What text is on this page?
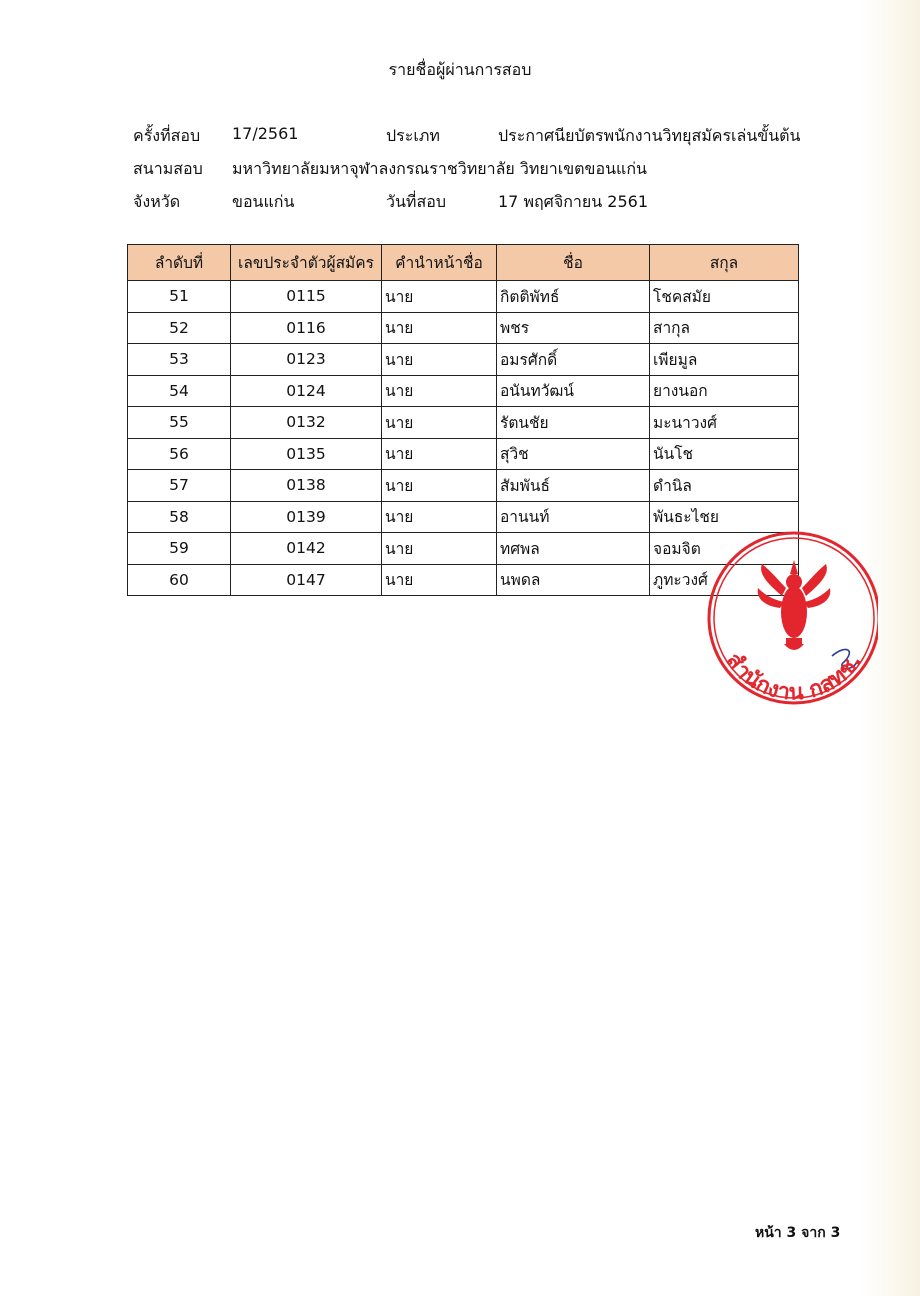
รายชื่อผู้ผ่านการสอบ
ครั้งที่สอบ 17/2561	ประเภท	ประกาศนียบัตรพนักงานวิทยุสมัครเล่นขั้นต้น
สนามสอบ มหาวิทยาลัยมหาจุฬาลงกรณราชวิทยาลัย วิทยาเขตขอนแก่น
จังหวัด	ขอนแก่น	วันที่สอบ	17 พฤศจิกายน 2561
ลำดับที่	เลขประจำตัวผู้สมัคร	คำนำหน้าชื่อ	ชื่อ	สกุล
51	0115	นาย	กิตติพัทธ์	โชคสมัย
52	0116	นาย	พชร	สากุล
53	0123	นาย	อมรศักดิ์	เพียมูล
54	0124	นาย	อนันทวัฒน์	ยางนอก
55	0132	นาย	รัตนชัย	มะนาวงศ์
56	0135	นาย	สุวิช	นันโช
57	0138	นาย	สัมพันธ์	ดำนิล
58	0139	นาย	อานนท์	พันธะไชย
59	0142	นาย	ทศพล	จอมจิต
60	0147	นาย	นพดล	ภูทะวงศ์
สำนักงาน กสทช.
หน้า 3 จาก 3
